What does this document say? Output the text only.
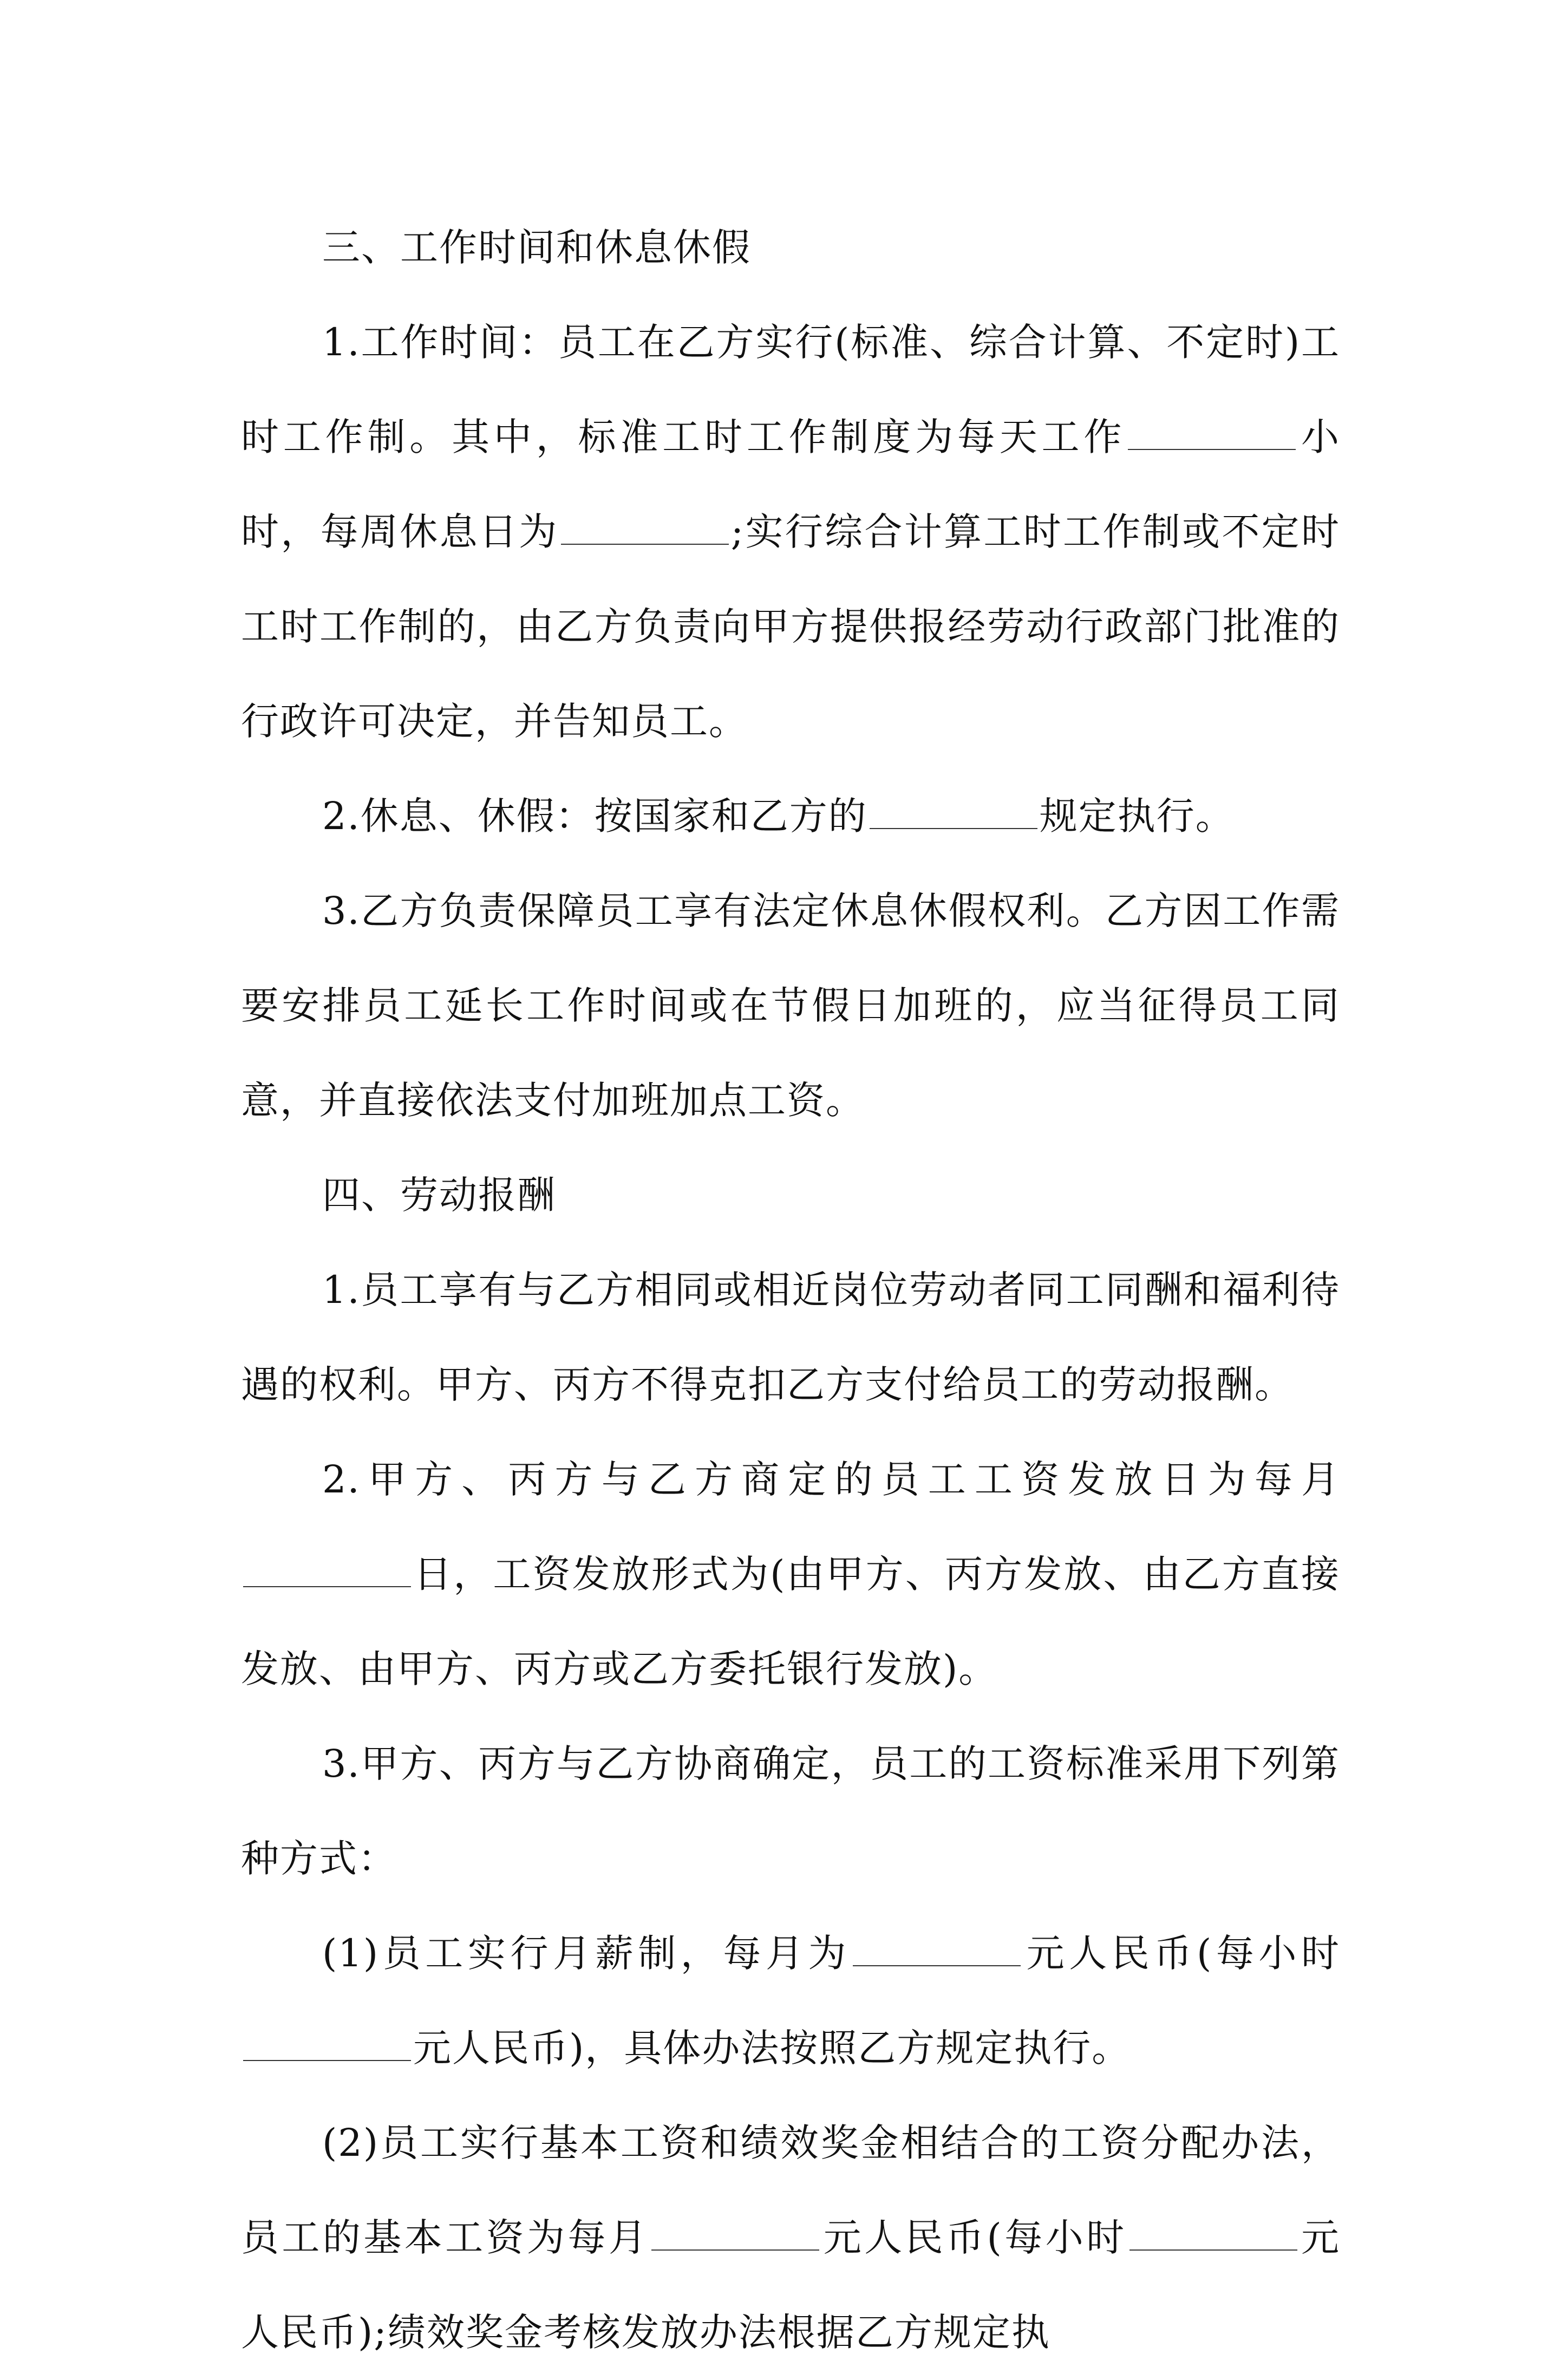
三、工作时间和休息休假

1.工作时间：员工在乙方实行(标准、综合计算、不定时)工时工作制。其中，标准工时工作制度为每天工作	小时，每周休息日为	;实行综合计算工时工作制或不定时工时工作制的，由乙方负责向甲方提供报经劳动行政部门批准的行政许可决定，并告知员工。

2.休息、休假：按国家和乙方的	规定执行。

3.乙方负责保障员工享有法定休息休假权利。乙方因工作需要安排员工延长工作时间或在节假日加班的，应当征得员工同意，并直接依法支付加班加点工资。

四、劳动报酬

1.员工享有与乙方相同或相近岗位劳动者同工同酬和福利待遇的权利。甲方、丙方不得克扣乙方支付给员工的劳动报酬。

2.甲方、丙方与乙方商定的员工工资发放日为每月日，工资发放形式为(由甲方、丙方发放、由乙方直接发放、由甲方、丙方或乙方委托银行发放)。

3.甲方、丙方与乙方协商确定，员工的工资标准采用下列第种方式：

(1)员工实行月薪制，每月为	元人民币(每小时元人民币)，具体办法按照乙方规定执行。

(2)员工实行基本工资和绩效奖金相结合的工资分配办法，员工的基本工资为每月	元人民币(每小时	元人民币);绩效奖金考核发放办法根据乙方规定执
